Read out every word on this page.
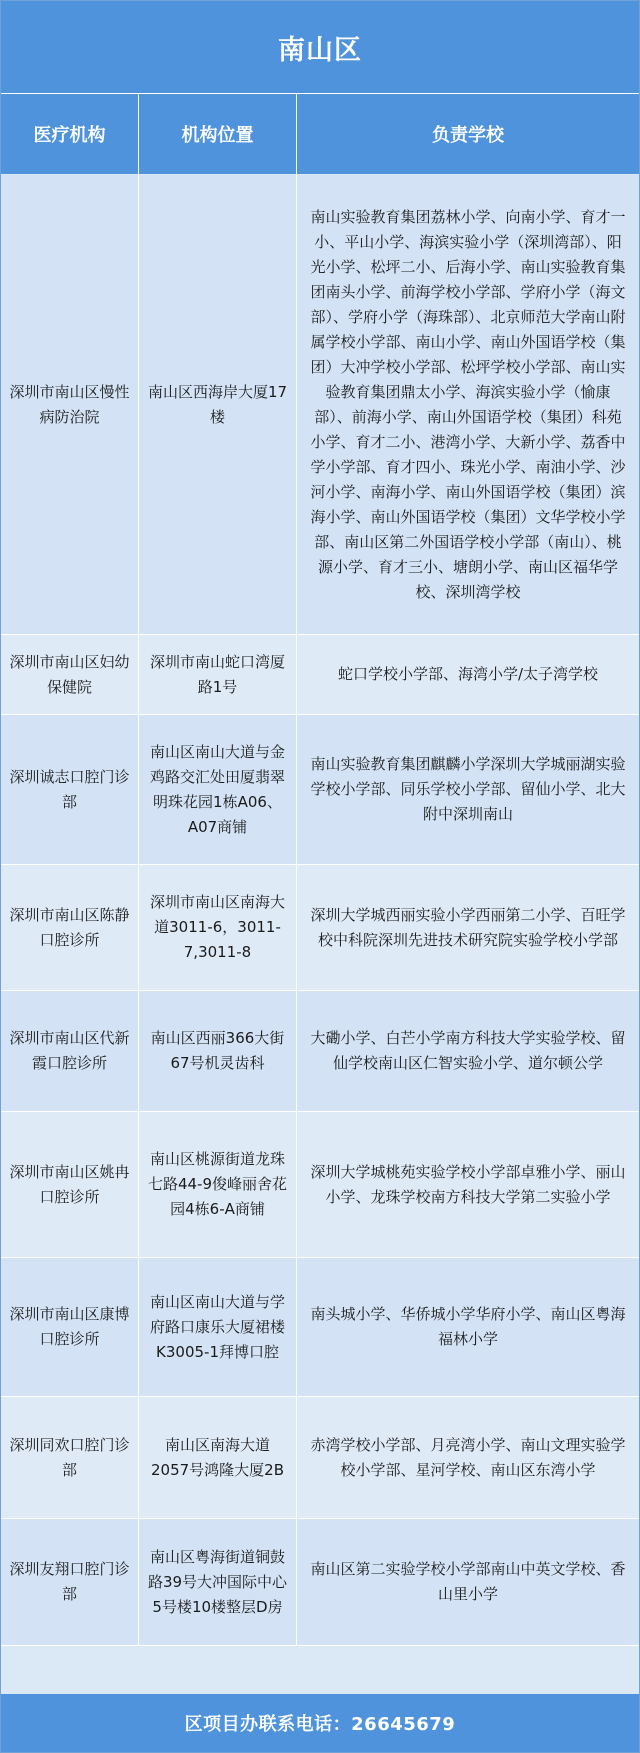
南山区
医疗机构	机构位置	负责学校
深圳市南山区慢性病防治院
南山区西海岸大厦17楼
南山实验教育集团荔林小学、向南小学、育才一小、平山小学、海滨实验小学（深圳湾部）、阳光小学、松坪二小、后海小学、南山实验教育集团南头小学、前海学校小学部、学府小学（海文部）、学府小学（海珠部）、北京师范大学南山附属学校小学部、南山小学、南山外国语学校（集团）大冲学校小学部、松坪学校小学部、南山实验教育集团鼎太小学、海滨实验小学（愉康部）、前海小学、南山外国语学校（集团）科苑小学、育才二小、港湾小学、大新小学、荔香中学小学部、育才四小、珠光小学、南油小学、沙河小学、南海小学、南山外国语学校（集团）滨海小学、南山外国语学校（集团）文华学校小学部、南山区第二外国语学校小学部（南山）、桃源小学、育才三小、塘朗小学、南山区福华学校、深圳湾学校
深圳市南山区妇幼保健院
深圳市南山蛇口湾厦路1号
蛇口学校小学部、海湾小学/太子湾学校
深圳诚志口腔门诊部
南山区南山大道与金鸡路交汇处田厦翡翠明珠花园1栋A06、A07商铺
南山实验教育集团麒麟小学深圳大学城丽湖实验学校小学部、同乐学校小学部、留仙小学、北大附中深圳南山
深圳市南山区陈静口腔诊所
深圳市南山区南海大道3011-6，3011-7,3011-8
深圳大学城西丽实验小学西丽第二小学、百旺学校中科院深圳先进技术研究院实验学校小学部
深圳市南山区代新霞口腔诊所
南山区西丽366大街67号机灵齿科
大磡小学、白芒小学南方科技大学实验学校、留仙学校南山区仁智实验小学、道尔顿公学
深圳市南山区姚冉口腔诊所
南山区桃源街道龙珠七路44-9俊峰丽舍花园4栋6-A商铺
深圳大学城桃苑实验学校小学部卓雅小学、丽山小学、龙珠学校南方科技大学第二实验小学
深圳市南山区康博口腔诊所
南山区南山大道与学府路口康乐大厦裙楼K3005-1拜博口腔
南头城小学、华侨城小学华府小学、南山区粤海福林小学
深圳同欢口腔门诊部
南山区南海大道2057号鸿隆大厦2B
赤湾学校小学部、月亮湾小学、南山文理实验学校小学部、星河学校、南山区东湾小学
深圳友翔口腔门诊部
南山区粤海街道铜鼓路39号大冲国际中心5号楼10楼整层D房
南山区第二实验学校小学部南山中英文学校、香山里小学
区项目办联系电话：26645679
